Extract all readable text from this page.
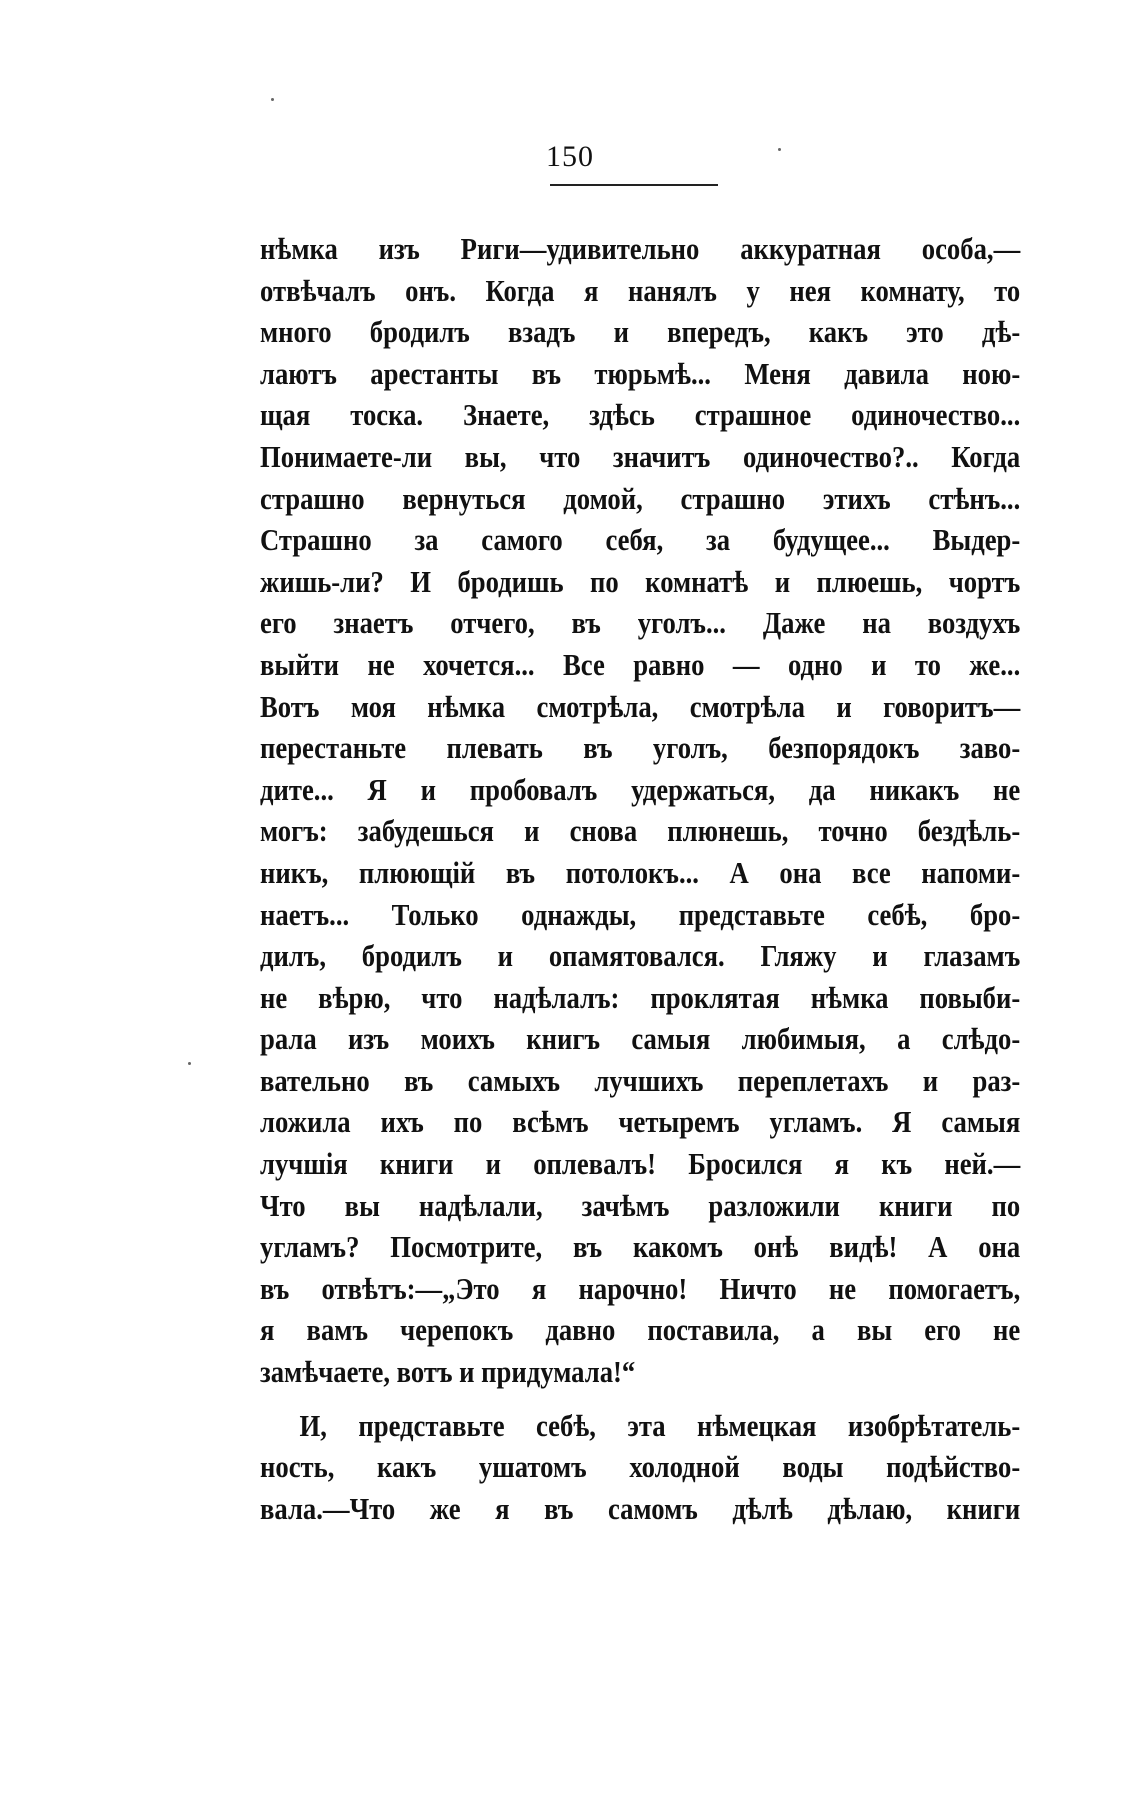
150
нѣмка изъ Риги—удивительно аккуратная особа,—
отвѣчалъ онъ. Когда я нанялъ у нея комнату, то
много бродилъ взадъ и впередъ, какъ это дѣ-
лаютъ арестанты въ тюрьмѣ... Меня давила ною-
щая тоска. Знаете, здѣсь страшное одиночество...
Понимаете-ли вы, что значитъ одиночество?.. Когда
страшно вернуться домой, страшно этихъ стѣнъ...
Страшно за самого себя, за будущее... Выдер-
жишь-ли? И бродишь по комнатѣ и плюешь, чортъ
его знаетъ отчего, въ уголъ... Даже на воздухъ
выйти не хочется... Все равно — одно и то же...
Вотъ моя нѣмка смотрѣла, смотрѣла и говоритъ—
перестаньте плевать въ уголъ, безпорядокъ заво-
дите... Я и пробовалъ удержаться, да никакъ не
могъ: забудешься и снова плюнешь, точно бездѣль-
никъ, плюющій въ потолокъ... А она все напоми-
наетъ... Только однажды, представьте себѣ, бро-
дилъ, бродилъ и опамятовался. Гляжу и глазамъ
не вѣрю, что надѣлалъ: проклятая нѣмка повыби-
рала изъ моихъ книгъ самыя любимыя, а слѣдо-
вательно въ самыхъ лучшихъ переплетахъ и раз-
ложила ихъ по всѣмъ четыремъ угламъ. Я самыя
лучшія книги и оплевалъ! Бросился я къ ней.—
Что вы надѣлали, зачѣмъ разложили книги по
угламъ? Посмотрите, въ какомъ онѣ видѣ! А она
въ отвѣтъ:—„Это я нарочно! Ничто не помогаетъ,
я вамъ черепокъ давно поставила, а вы его не
замѣчаете, вотъ и придумала!“
И, представьте себѣ, эта нѣмецкая изобрѣтатель-
ность, какъ ушатомъ холодной воды подѣйство-
вала.—Что же я въ самомъ дѣлѣ дѣлаю, книги
